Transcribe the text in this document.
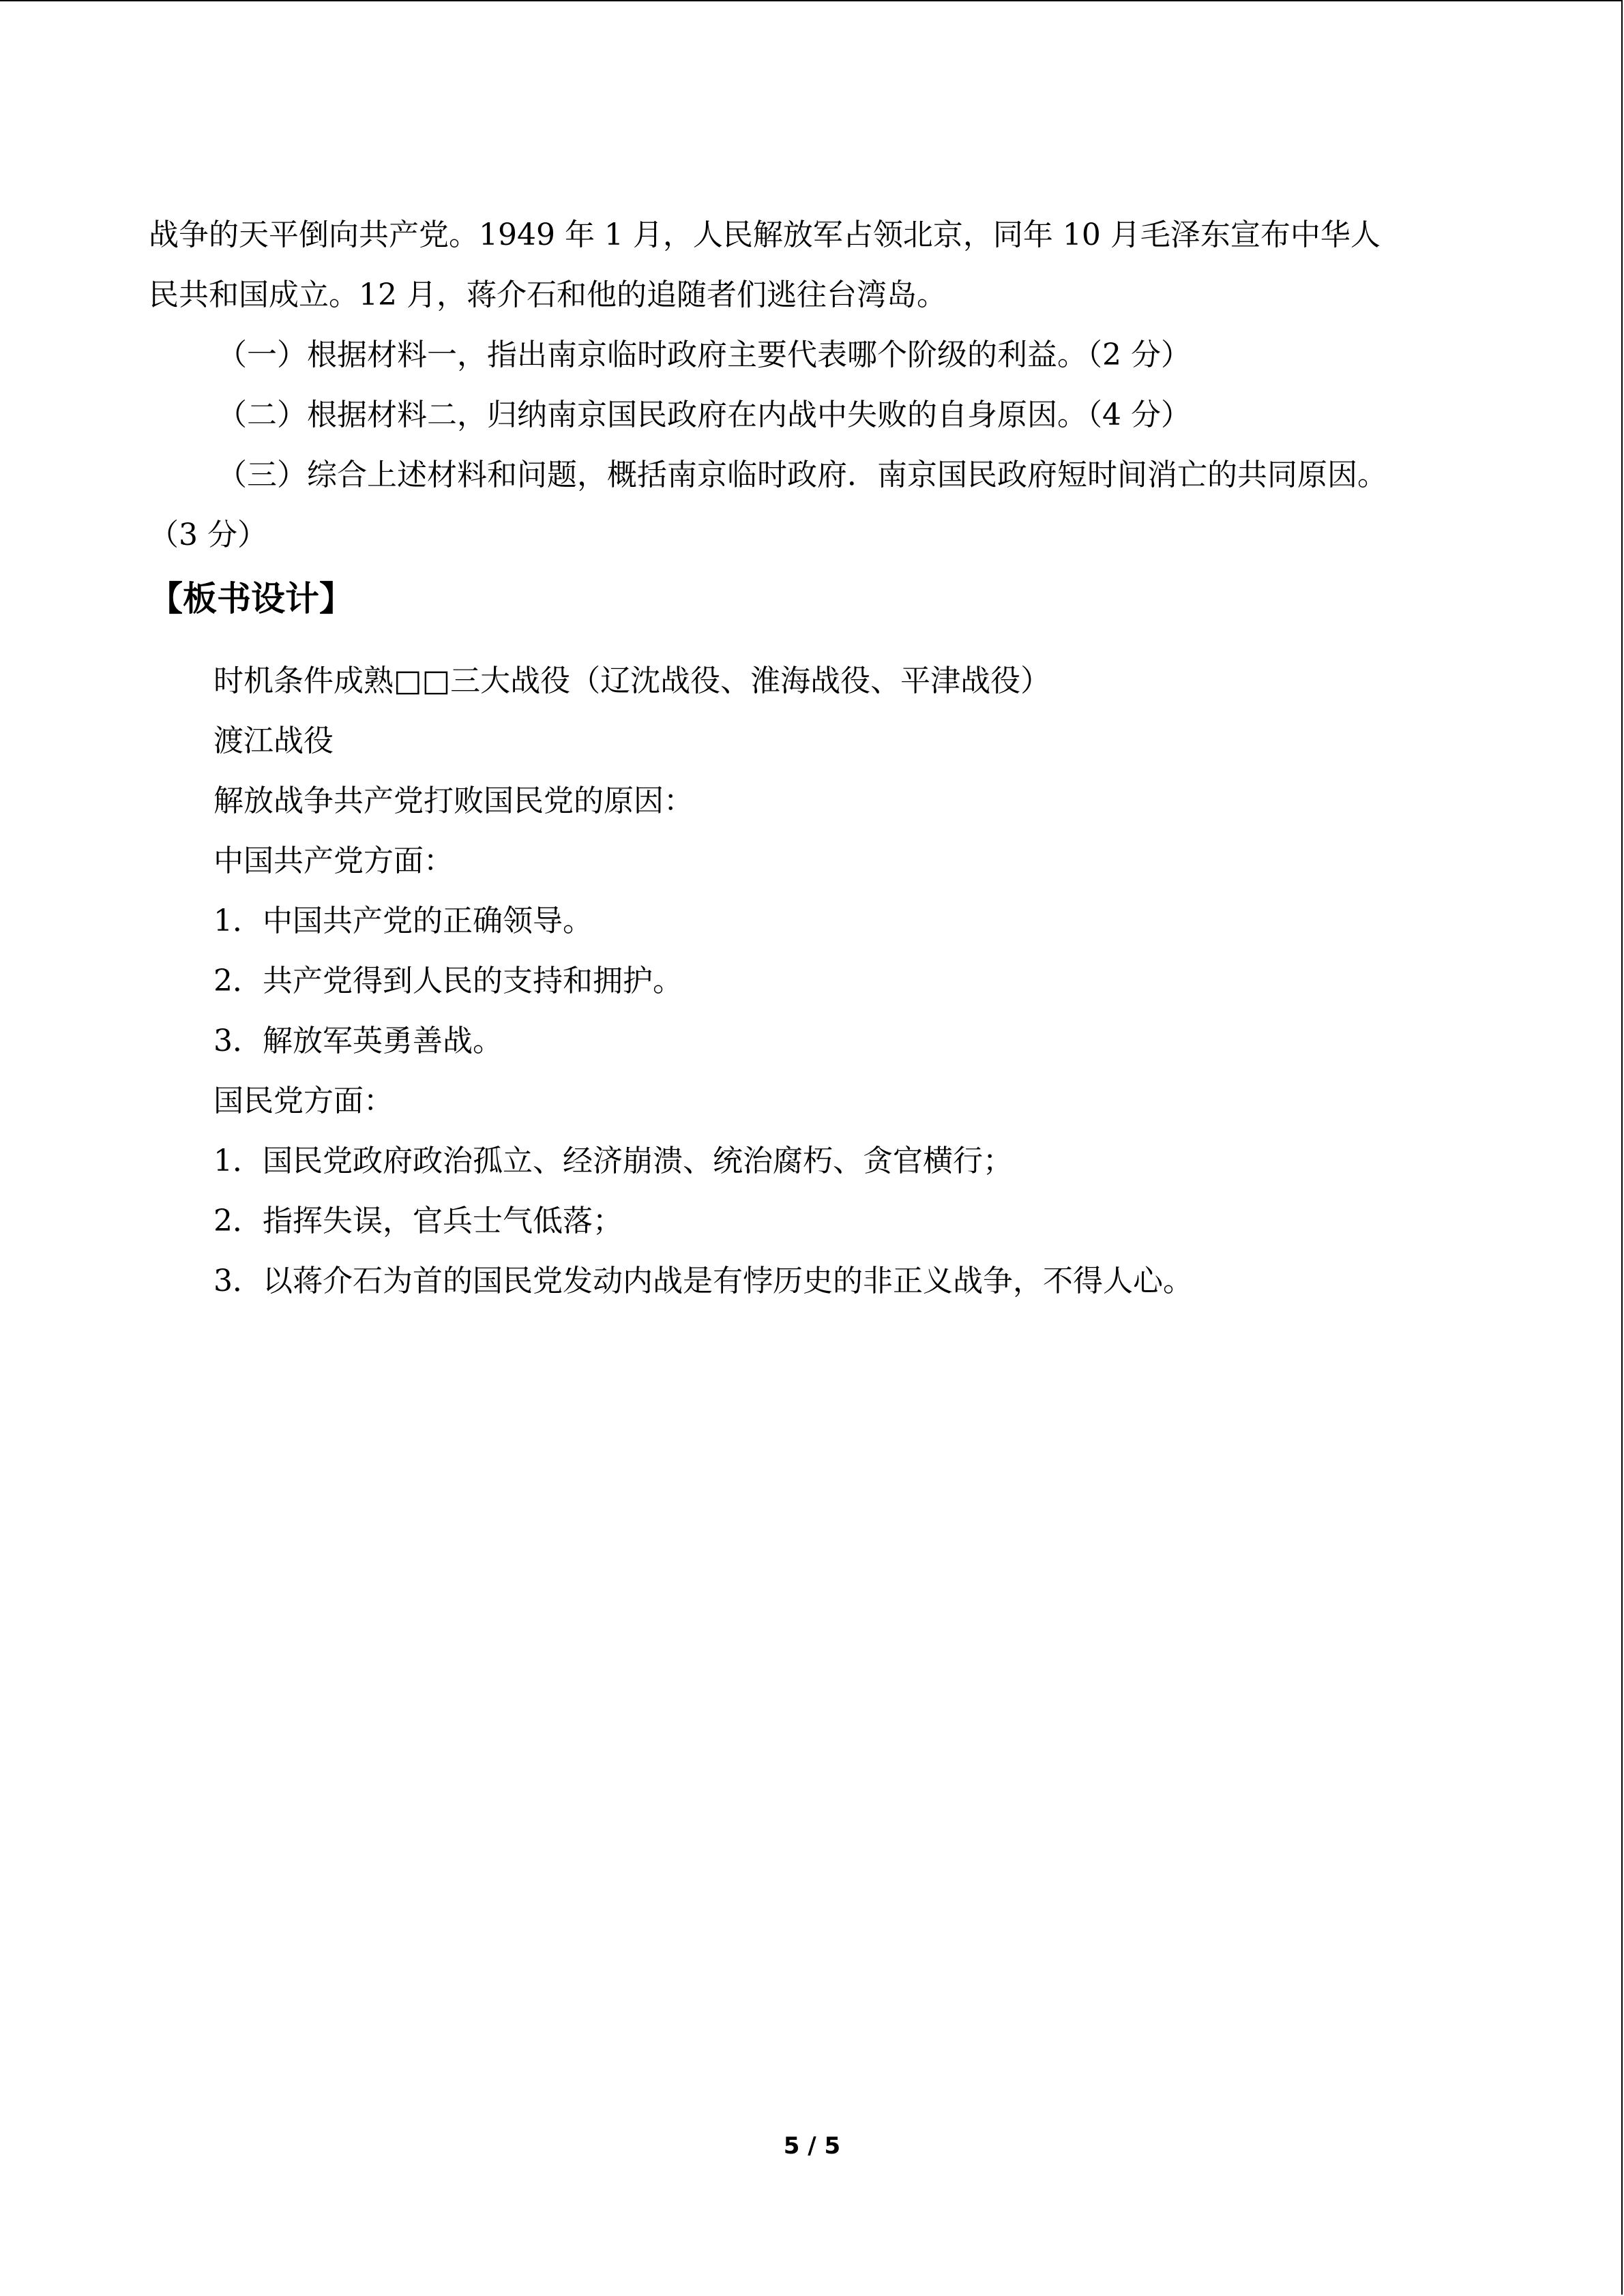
战争的天平倒向共产党。1949 年 1 月，人民解放军占领北京，同年 10 月毛泽东宣布中华人
民共和国成立。12 月，蒋介石和他的追随者们逃往台湾岛。
（一）根据材料一，指出南京临时政府主要代表哪个阶级的利益。（2 分）
（二）根据材料二，归纳南京国民政府在内战中失败的自身原因。（4 分）
（三）综合上述材料和问题，概括南京临时政府．南京国民政府短时间消亡的共同原因。
（3 分）
【板书设计】
时机条件成熟□□三大战役（辽沈战役、淮海战役、平津战役）
渡江战役
解放战争共产党打败国民党的原因：
中国共产党方面：
1．中国共产党的正确领导。
2．共产党得到人民的支持和拥护。
3．解放军英勇善战。
国民党方面：
1．国民党政府政治孤立、经济崩溃、统治腐朽、贪官横行；
2．指挥失误，官兵士气低落；
3．以蒋介石为首的国民党发动内战是有悖历史的非正义战争，不得人心。
5 / 5
